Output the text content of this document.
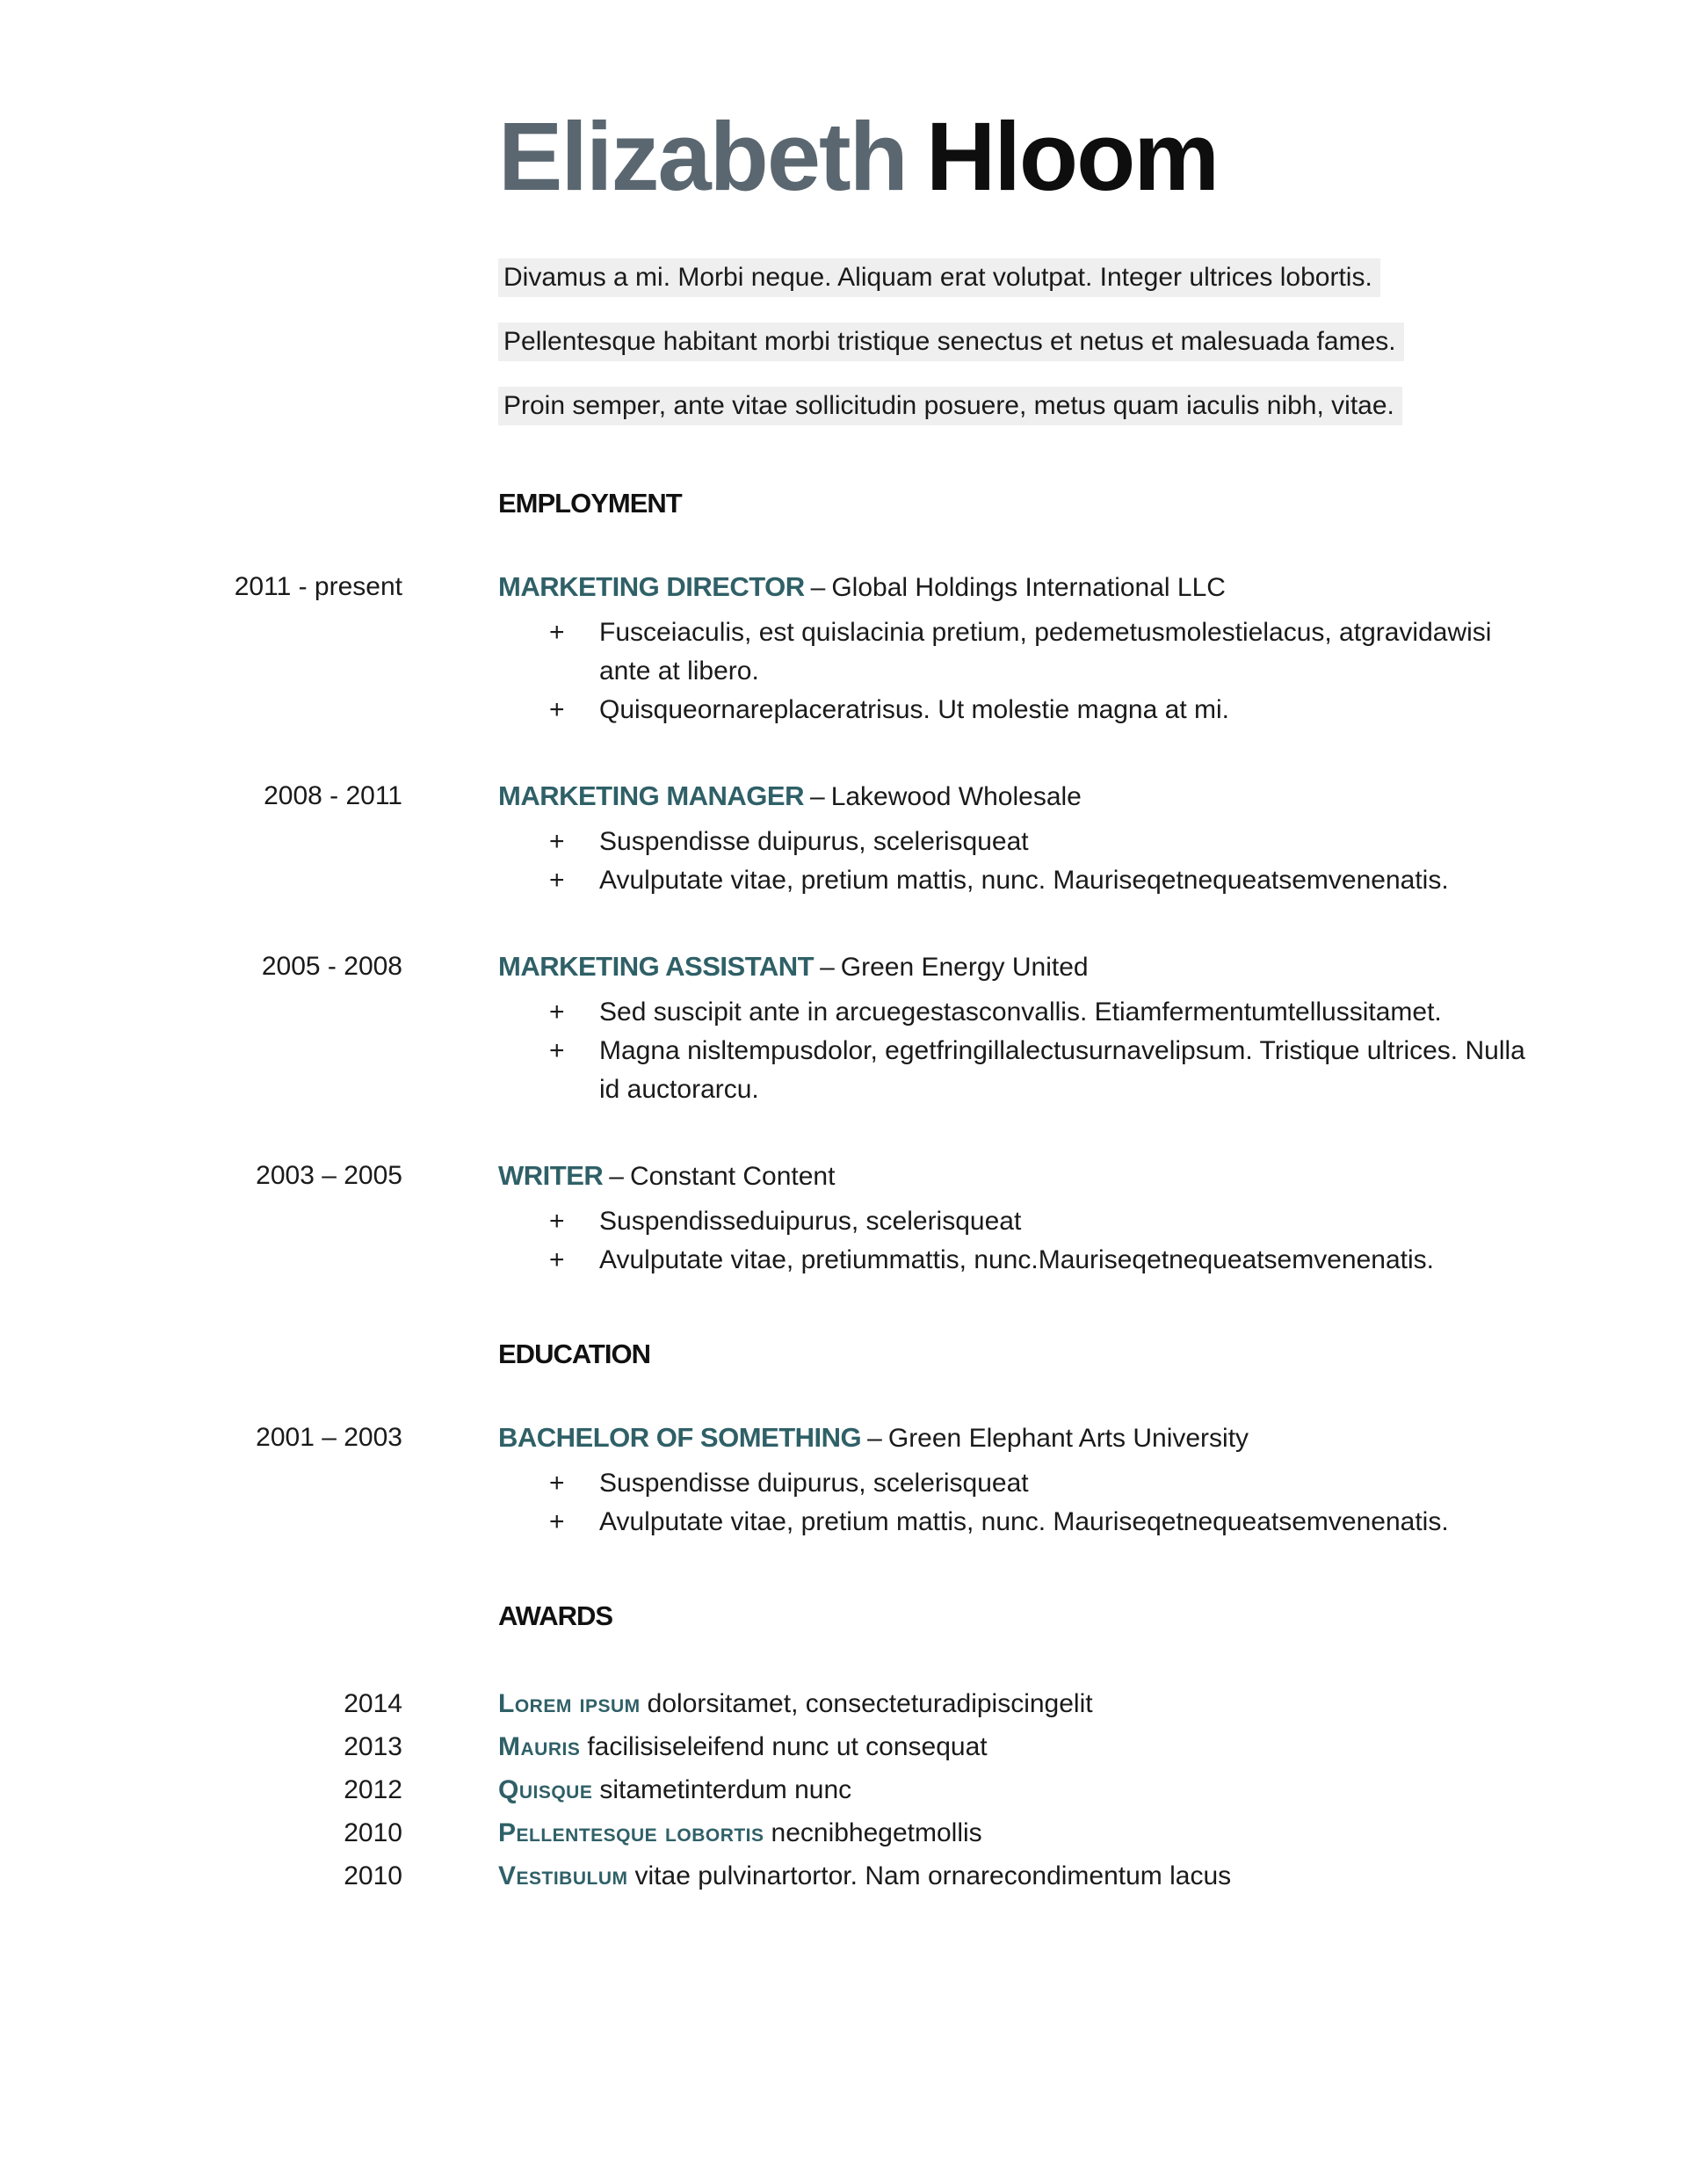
Elizabeth Hloom
Divamus a mi. Morbi neque. Aliquam erat volutpat. Integer ultrices lobortis.
Pellentesque habitant morbi tristique senectus et netus et malesuada fames.
Proin semper, ante vitae sollicitudin posuere, metus quam iaculis nibh, vitae.
EMPLOYMENT
2011 - present	MARKETING DIRECTOR – Global Holdings International LLC
+	Fusceiaculis, est quislacinia pretium, pedemetusmolestielacus, atgravidawisi ante at libero.
+	Quisqueornareplaceratrisus. Ut molestie magna at mi.
2008 - 2011	MARKETING MANAGER – Lakewood Wholesale
+	Suspendisse duipurus, scelerisqueat
+	Avulputate vitae, pretium mattis, nunc. Mauriseqetnequeatsemvenenatis.
2005 - 2008	MARKETING ASSISTANT – Green Energy United
+	Sed suscipit ante in arcuegestasconvallis. Etiamfermentumtellussitamet.
+	Magna nisltempusdolor, egetfringillalectusurnavelipsum. Tristique ultrices. Nulla id auctorarcu.
2003 – 2005	WRITER – Constant Content
+	Suspendisseduipurus, scelerisqueat
+	Avulputate vitae, pretiummattis, nunc.Mauriseqetnequeatsemvenenatis.
EDUCATION
2001 – 2003	BACHELOR OF SOMETHING – Green Elephant Arts University
+	Suspendisse duipurus, scelerisqueat
+	Avulputate vitae, pretium mattis, nunc. Mauriseqetnequeatsemvenenatis.
AWARDS
2014	Lorem ipsum dolorsitamet, consecteturadipiscingelit
2013	Mauris facilisiseleifend nunc ut consequat
2012	Quisque sitametinterdum nunc
2010	Pellentesque lobortis necnibhegetmollis
2010	Vestibulum vitae pulvinartortor. Nam ornarecondimentum lacus
